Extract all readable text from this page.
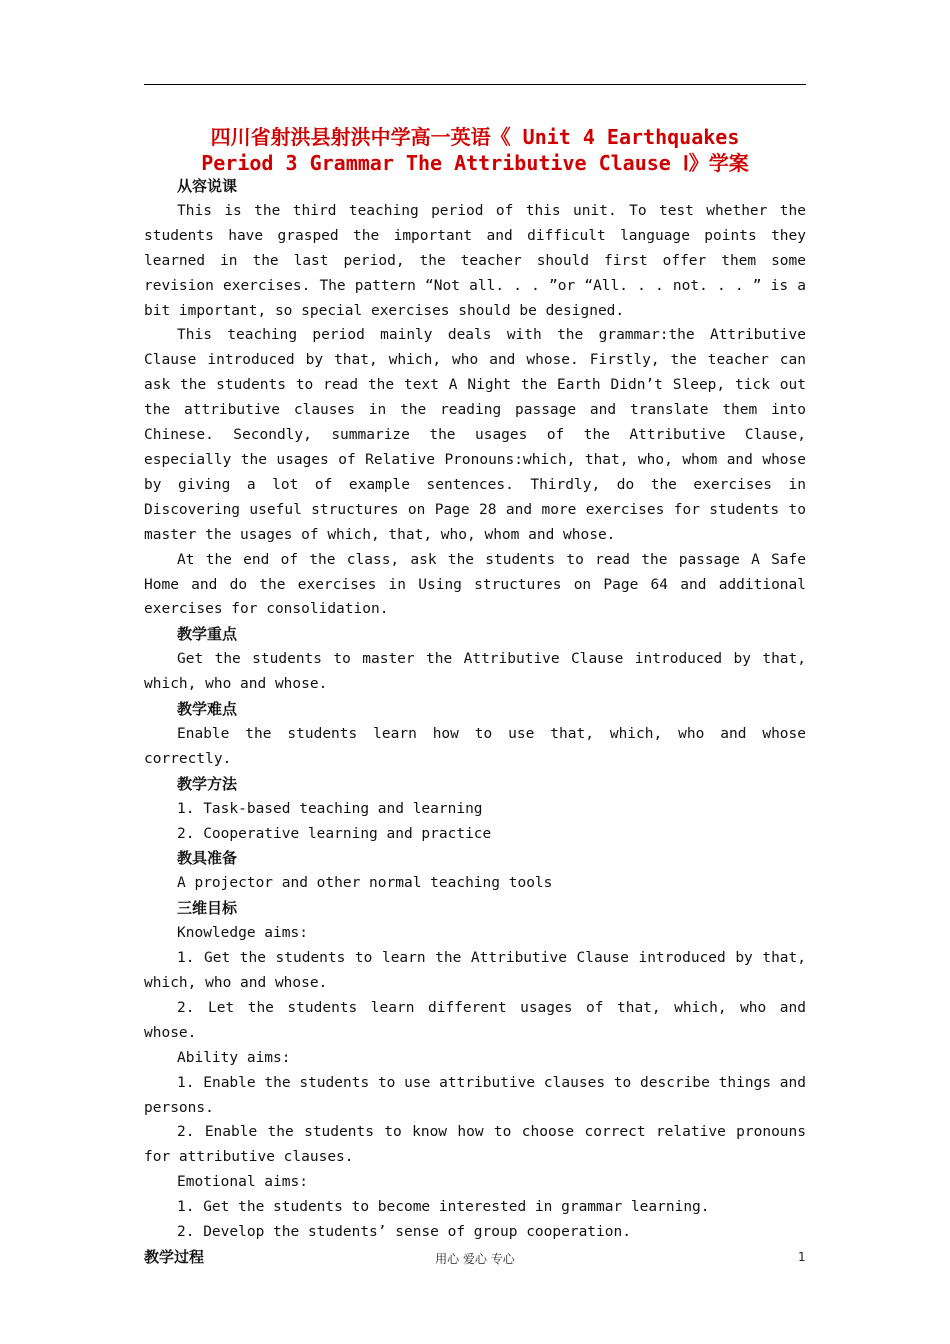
四川省射洪县射洪中学高一英语《 Unit 4 Earthquakes
Period 3 Grammar The Attributive Clause Ⅰ》学案

从容说课

This is the third teaching period of this unit. To test whether the students have grasped the important and difficult language points they learned in the last period, the teacher should first offer them some revision exercises. The pattern “Not all. . . ”or “All. . . not. . . ” is a bit important, so special exercises should be designed.

This teaching period mainly deals with the grammar:the Attributive Clause introduced by that, which, who and whose. Firstly, the teacher can ask the students to read the text A Night the Earth Didn’t Sleep, tick out the attributive clauses in the reading passage and translate them into Chinese. Secondly, summarize the usages of the Attributive Clause, especially the usages of Relative Pronouns:which, that, who, whom and whose by giving a lot of example sentences. Thirdly, do the exercises in Discovering useful structures on Page 28 and more exercises for students to master the usages of which, that, who, whom and whose.

At the end of the class, ask the students to read the passage A Safe Home and do the exercises in Using structures on Page 64 and additional exercises for consolidation.

教学重点

Get the students to master the Attributive Clause introduced by that, which, who and whose.

教学难点

Enable the students learn how to use that, which, who and whose correctly.

教学方法

1. Task-based teaching and learning

2. Cooperative learning and practice

教具准备

A projector and other normal teaching tools

三维目标

Knowledge aims:

1. Get the students to learn the Attributive Clause introduced by that, which, who and whose.

2. Let the students learn different usages of that, which, who and whose.

Ability aims:

1. Enable the students to use attributive clauses to describe things and persons.

2. Enable the students to know how to choose correct relative pronouns for attributive clauses.

Emotional aims:

1. Get the students to become interested in grammar learning.

2. Develop the students’ sense of group cooperation.

教学过程	用心 爱心 专心	1
